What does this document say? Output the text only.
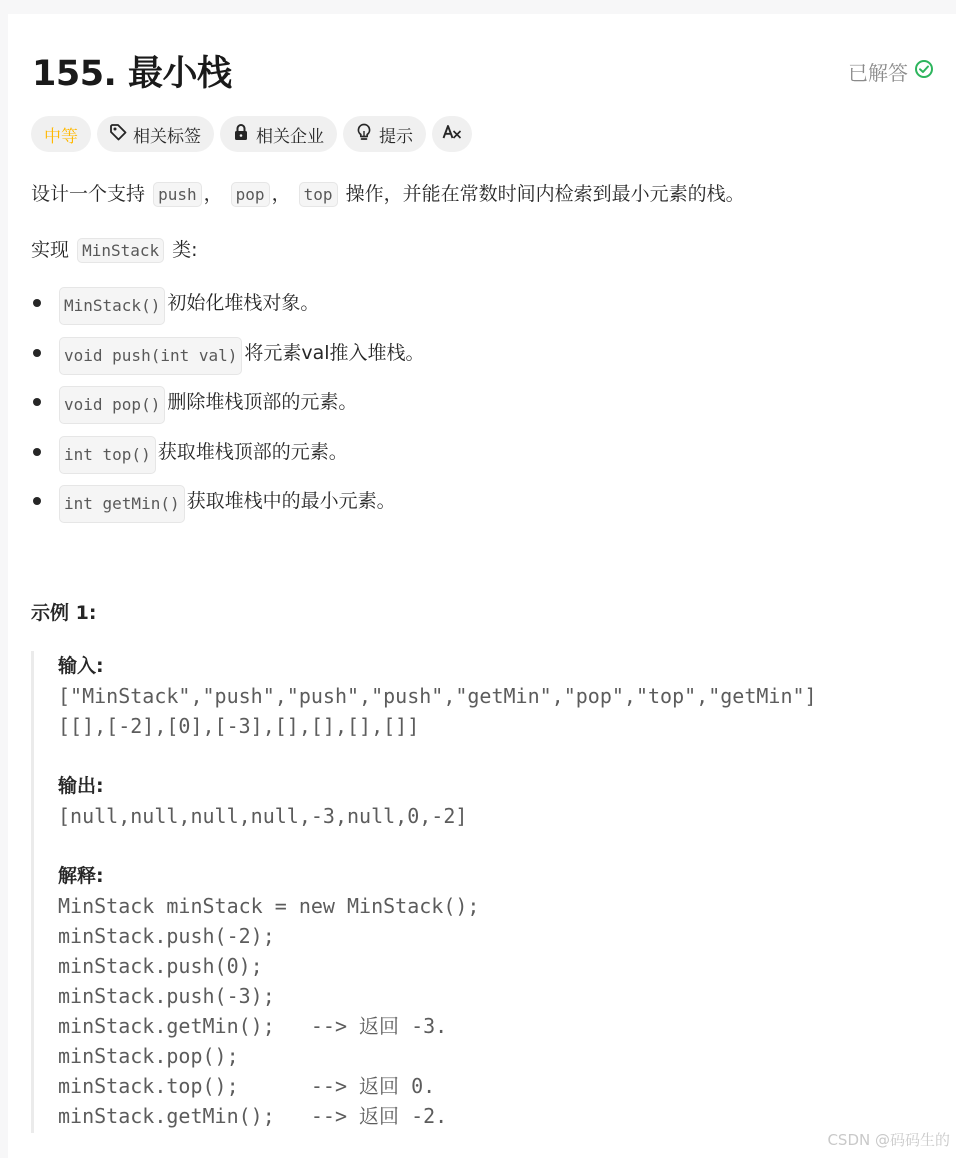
155. 最小栈	已解答
中等	相关标签	相关企业	提示

设计一个支持 push ， pop ， top 操作，并能在常数时间内检索到最小元素的栈。

实现 MinStack 类:

MinStack() 初始化堆栈对象。
void push(int val) 将元素val推入堆栈。
void pop() 删除堆栈顶部的元素。
int top() 获取堆栈顶部的元素。
int getMin() 获取堆栈中的最小元素。
示例 1:
输入:
["MinStack","push","push","push","getMin","pop","top","getMin"]
[[],[-2],[0],[-3],[],[],[],[]]
输出:
[null,null,null,null,-3,null,0,-2]
解释:
MinStack minStack = new MinStack();
minStack.push(-2);
minStack.push(0);
minStack.push(-3);
minStack.getMin();   --> 返回 -3.
minStack.pop();
minStack.top();      --> 返回 0.
minStack.getMin();   --> 返回 -2.
CSDN @码码生的
